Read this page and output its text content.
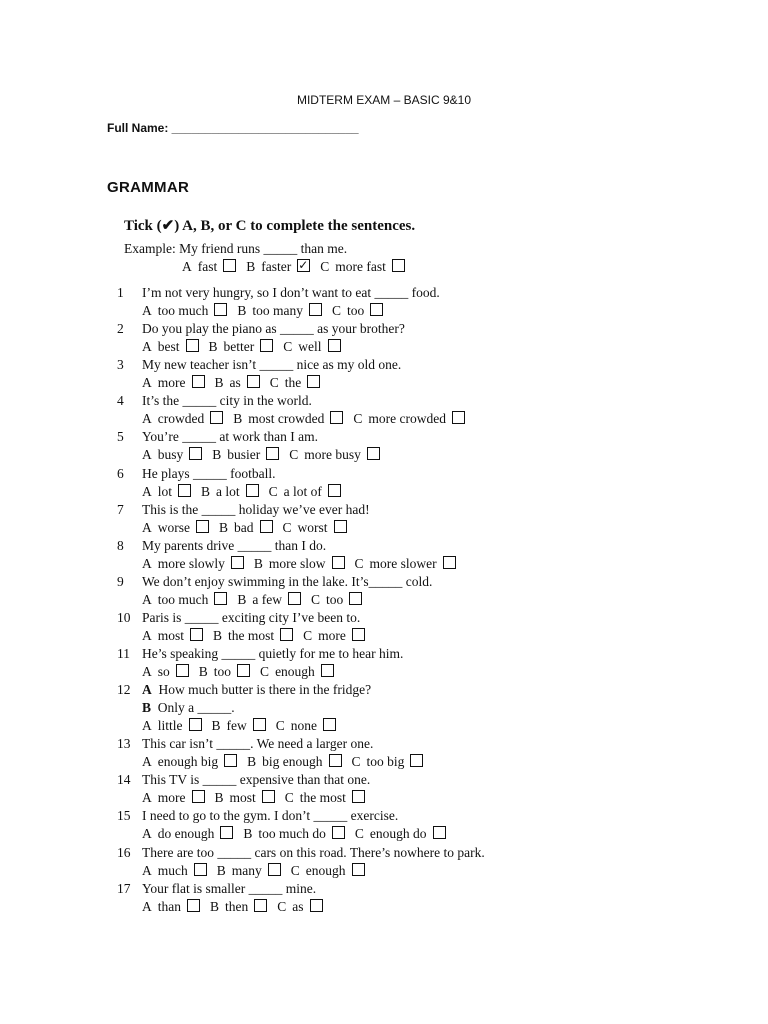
MIDTERM EXAM – BASIC 9&10
Full Name: ____________________________
GRAMMAR
Tick (✔) A, B, or C to complete the sentences.
Example: My friend runs _____ than me.
A fast B faster✓ C more fast
1 I’m not very hungry, so I don’t want to eat _____ food.
A too much B too many C too
2 Do you play the piano as _____ as your brother?
A best B better C well
3 My new teacher isn’t _____ nice as my old one.
A more B as C the
4 It’s the _____ city in the world.
A crowded B most crowded C more crowded
5 You’re _____ at work than I am.
A busy B busier C more busy
6 He plays _____ football.
A lot B a lot C a lot of
7 This is the _____ holiday we’ve ever had!
A worse B bad C worst
8 My parents drive _____ than I do.
A more slowly B more slow C more slower
9 We don’t enjoy swimming in the lake. It’s_____ cold.
A too much B a few C too
10 Paris is _____ exciting city I’ve been to.
A most B the most C more
11 He’s speaking _____ quietly for me to hear him.
A so B too C enough
12 A How much butter is there in the fridge?
B Only a _____.
A little B few C none
13 This car isn’t _____. We need a larger one.
A enough big B big enough C too big
14 This TV is _____ expensive than that one.
A more B most C the most
15 I need to go to the gym. I don’t _____ exercise.
A do enough B too much do C enough do
16 There are too _____ cars on this road. There’s nowhere to park.
A much B many C enough
17 Your flat is smaller _____ mine.
A than B then C as
